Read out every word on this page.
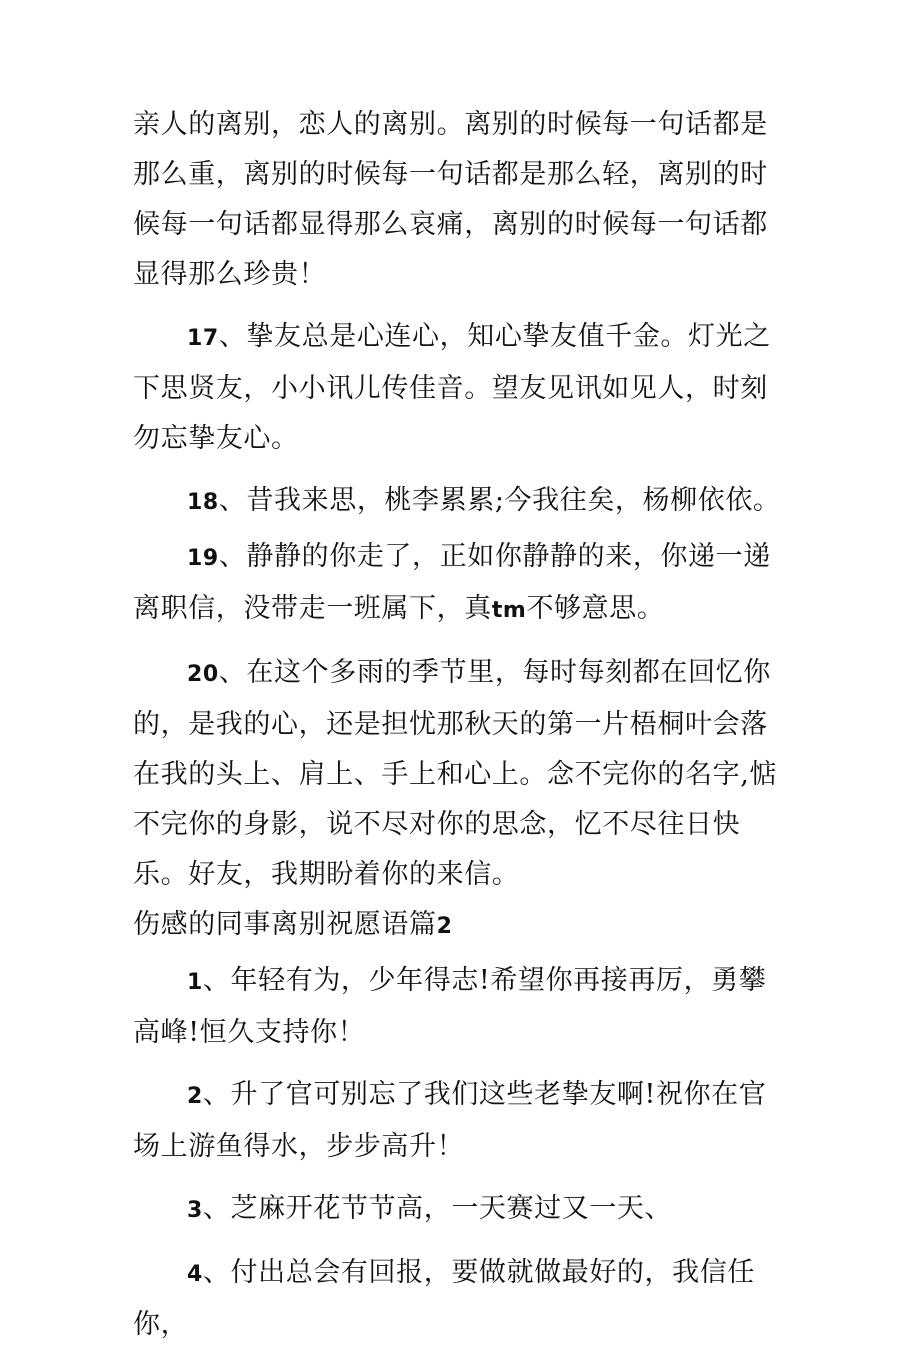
亲人的离别，恋人的离别。离别的时候每一句话都是那么重，离别的时候每一句话都是那么轻，离别的时候每一句话都显得那么哀痛，离别的时候每一句话都显得那么珍贵！

17、挚友总是心连心，知心挚友值千金。灯光之下思贤友，小小讯儿传佳音。望友见讯如见人，时刻勿忘挚友心。

18、昔我来思，桃李累累;今我往矣，杨柳依依。

19、静静的你走了，正如你静静的来，你递一递离职信，没带走一班属下，真tm不够意思。

20、在这个多雨的季节里，每时每刻都在回忆你的，是我的心，还是担忧那秋天的第一片梧桐叶会落在我的头上、肩上、手上和心上。念不完你的名字,惦不完你的身影，说不尽对你的思念，忆不尽往日快乐。好友，我期盼着你的来信。

伤感的同事离别祝愿语篇2

1、年轻有为，少年得志!希望你再接再厉，勇攀高峰!恒久支持你！

2、升了官可别忘了我们这些老挚友啊!祝你在官场上游鱼得水，步步高升！

3、芝麻开花节节高，一天赛过又一天、

4、付出总会有回报，要做就做最好的，我信任你，
